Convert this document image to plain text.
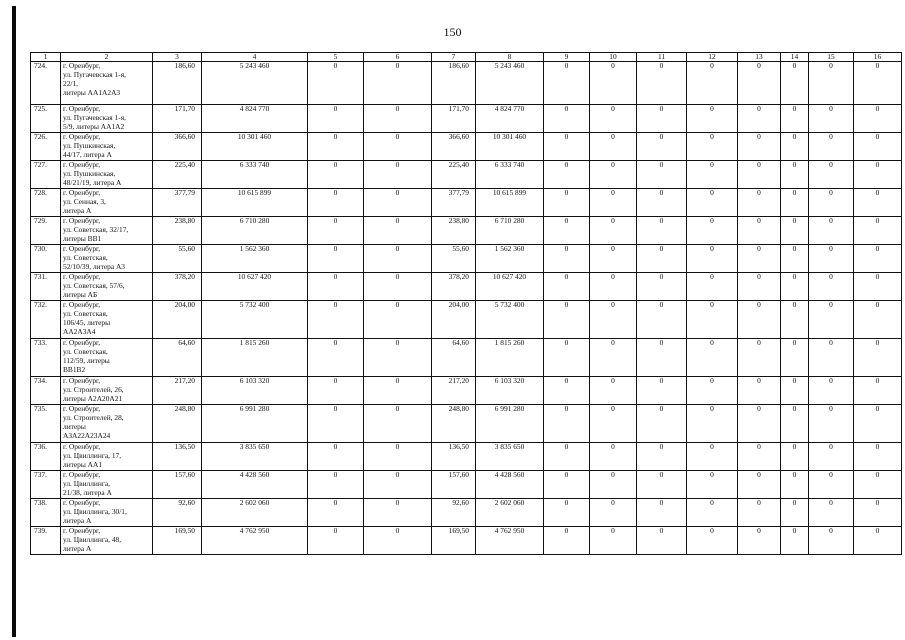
150
1	2	3	4	5	6	7	8	9	10	11	12	13	14	15	16
724.	г. Оренбург,
ул. Пугачевская 1-я,
22/1,
литеры АА1А2А3	186,60	5 243 460	0	0	186,60	5 243 460	0	0	0	0	0	0	0	0
725.	г. Оренбург,
ул. Пугачевская 1-я,
5/9, литеры АА1А2	171,70	4 824 770	0	0	171,70	4 824 770	0	0	0	0	0	0	0	0
726.	г. Оренбург,
ул. Пушкинская,
44/17, литера А	366,60	10 301 460	0	0	366,60	10 301 460	0	0	0	0	0	0	0	0
727.	г. Оренбург,
ул. Пушкинская,
48/21/19, литера А	225,40	6 333 740	0	0	225,40	6 333 740	0	0	0	0	0	0	0	0
728.	г. Оренбург,
ул. Сенная, 3,
литера А	377,79	10 615 899	0	0	377,79	10 615 899	0	0	0	0	0	0	0	0
729.	г. Оренбург,
ул. Советская, 32/17,
литеры ВВ1	238,80	6 710 280	0	0	238,80	6 710 280	0	0	0	0	0	0	0	0
730.	г. Оренбург,
ул. Советская,
52/10/39, литера А3	55,60	1 562 360	0	0	55,60	1 562 360	0	0	0	0	0	0	0	0
731.	г. Оренбург,
ул. Советская, 57/6,
литеры АБ	378,20	10 627 420	0	0	378,20	10 627 420	0	0	0	0	0	0	0	0
732.	г. Оренбург,
ул. Советская,
106/45, литеры
АА2А3А4	204,00	5 732 400	0	0	204,00	5 732 400	0	0	0	0	0	0	0	0
733.	г. Оренбург,
ул. Советская,
112/59, литеры
ВВ1В2	64,60	1 815 260	0	0	64,60	1 815 260	0	0	0	0	0	0	0	0
734.	г. Оренбург,
ул. Строителей, 26,
литеры А2А20А21	217,20	6 103 320	0	0	217,20	6 103 320	0	0	0	0	0	0	0	0
735.	г. Оренбург,
ул. Строителей, 28,
литеры
А3А22А23А24	248,80	6 991 280	0	0	248,80	6 991 280	0	0	0	0	0	0	0	0
736.	г. Оренбург,
ул. Цвиллинга, 17,
литеры АА1	136,50	3 835 650	0	0	136,50	3 835 650	0	0	0	0	0	0	0	0
737.	г. Оренбург,
ул. Цвиллинга,
21/38, литера А	157,60	4 428 560	0	0	157,60	4 428 560	0	0	0	0	0	0	0	0
738.	г. Оренбург,
ул. Цвиллинга, 30/1,
литера А	92,60	2 602 060	0	0	92,60	2 602 060	0	0	0	0	0	0	0	0
739.	г. Оренбург,
ул. Цвиллинга, 48,
литера А	169,50	4 762 950	0	0	169,50	4 762 950	0	0	0	0	0	0	0	0
